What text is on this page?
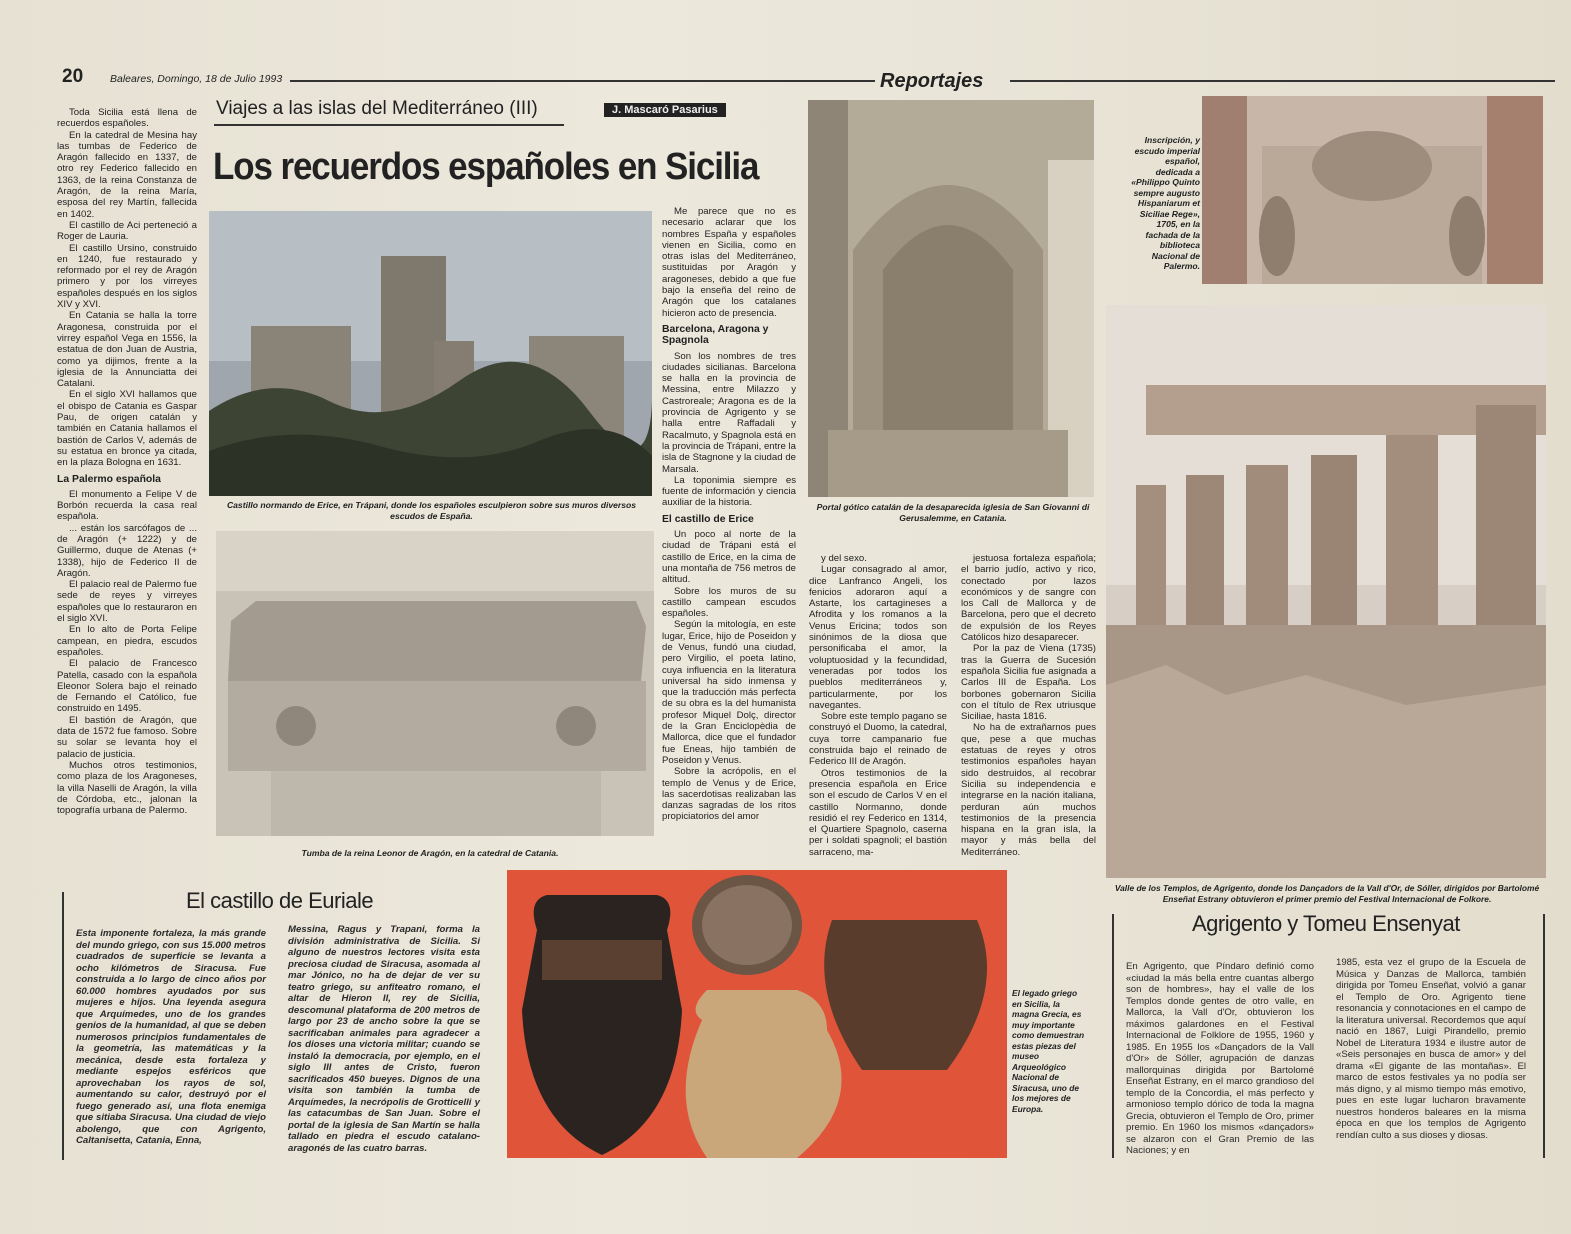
20	Baleares, Domingo, 18 de Julio 1993	Reportajes
Viajes a las islas del Mediterráneo (III)	J. Mascaró Pasarius
Los recuerdos españoles en Sicilia

Toda Sicilia está llena de recuerdos españoles.

En la catedral de Mesina hay las tumbas de Federico de Aragón fallecido en 1337, de otro rey Federico fallecido en 1363, de la reina Constanza de Aragón, de la reina María, esposa del rey Martín, fallecida en 1402.

El castillo de Aci perteneció a Roger de Lauria.

El castillo Ursino, construido en 1240, fue restaurado y reformado por el rey de Aragón primero y por los virreyes españoles después en los siglos XIV y XVI.

En Catania se halla la torre Aragonesa, construida por el virrey español Vega en 1556, la estatua de don Juan de Austria, como ya dijimos, frente a la iglesia de la Annunciatta dei Catalani.

En el siglo XVI hallamos que el obispo de Catania es Gaspar Pau, de origen catalán y también en Catania hallamos el bastión de Carlos V, además de su estatua en bronce ya citada, en la plaza Bologna en 1631.

La Palermo española

El monumento a Felipe V de Borbón recuerda la casa real española.

... están los sarcófagos de ... de Aragón (+ 1222) y de Guillermo, duque de Atenas (+ 1338), hijo de Federico II de Aragón.

El palacio real de Palermo fue sede de reyes y virreyes españoles que lo restauraron en el siglo XVI.

En lo alto de Porta Felipe campean, en piedra, escudos españoles.

El palacio de Francesco Patella, casado con la española Eleonor Solera bajo el reinado de Fernando el Católico, fue construido en 1495.

El bastión de Aragón, que data de 1572 fue famoso. Sobre su solar se levanta hoy el palacio de justicia.

Muchos otros testimonios, como plaza de los Aragoneses, la villa Naselli de Aragón, la villa de Córdoba, etc., jalonan la topografía urbana de Palermo.

Castillo normando de Erice, en Trápani, donde los españoles esculpieron sobre sus muros diversos escudos de España.

Me parece que no es necesario aclarar que los nombres España y españoles vienen en Sicilia, como en otras islas del Mediterráneo, sustituidas por Aragón y aragoneses, debido a que fue bajo la enseña del reino de Aragón que los catalanes hicieron acto de presencia.

Barcelona, Aragona y Spagnola

Son los nombres de tres ciudades sicilianas. Barcelona se halla en la provincia de Messina, entre Milazzo y Castroreale; Aragona es de la provincia de Agrigento y se halla entre Raffadali y Racalmuto, y Spagnola está en la provincia de Trápani, entre la isla de Stagnone y la ciudad de Marsala.

La toponimia siempre es fuente de información y ciencia auxiliar de la historia.

El castillo de Erice

Un poco al norte de la ciudad de Trápani está el castillo de Erice, en la cima de una montaña de 756 metros de altitud.

Sobre los muros de su castillo campean escudos españoles.

Según la mitología, en este lugar, Erice, hijo de Poseidon y de Venus, fundó una ciudad, pero Virgilio, el poeta latino, cuya influencia en la literatura universal ha sido inmensa y que la traducción más perfecta de su obra es la del humanista profesor Miquel Dolç, director de la Gran Enciclopèdia de Mallorca, dice que el fundador fue Eneas, hijo también de Poseidon y Venus.

Sobre la acrópolis, en el templo de Venus y de Erice, las sacerdotisas realizaban las danzas sagradas de los ritos propiciatorios del amor

Portal gótico catalán de la desaparecida iglesia de San Giovanni di Gerusalemme, en Catania.
Inscripción, y escudo imperial español, dedicada a «Philippo Quinto sempre augusto Hispaniarum et Siciliae Rege», 1705, en la fachada de la biblioteca Nacional de Palermo.
Tumba de la reina Leonor de Aragón, en la catedral de Catania.

y del sexo.

Lugar consagrado al amor, dice Lanfranco Angeli, los fenicios adoraron aquí a Astarte, los cartagineses a Afrodita y los romanos a la Venus Ericina; todos son sinónimos de la diosa que personificaba el amor, la voluptuosidad y la fecundidad, veneradas por todos los pueblos mediterráneos y, particularmente, por los navegantes.

Sobre este templo pagano se construyó el Duomo, la catedral, cuya torre campanario fue construida bajo el reinado de Federico III de Aragón.

Otros testimonios de la presencia española en Erice son el escudo de Carlos V en el castillo Normanno, donde residió el rey Federico en 1314, el Quartiere Spagnolo, caserna per i soldati spagnoli; el bastión sarraceno, ma-

jestuosa fortaleza española; el barrio judío, activo y rico, conectado por lazos económicos y de sangre con los Call de Mallorca y de Barcelona, pero que el decreto de expulsión de los Reyes Católicos hizo desaparecer.

Por la paz de Viena (1735) tras la Guerra de Sucesión española Sicilia fue asignada a Carlos III de España. Los borbones gobernaron Sicilia con el título de Rex utriusque Siciliae, hasta 1816.

No ha de extrañarnos pues que, pese a que muchas estatuas de reyes y otros testimonios españoles hayan sido destruidos, al recobrar Sicilia su independencia e integrarse en la nación italiana, perduran aún muchos testimonios de la presencia hispana en la gran isla, la mayor y más bella del Mediterráneo.

Valle de los Templos, de Agrigento, donde los Dançadors de la Vall d'Or, de Sóller, dirigidos por Bartolomé Enseñat Estrany obtuvieron el primer premio del Festival Internacional de Folkore.
El castillo de Euriale

Esta imponente fortaleza, la más grande del mundo griego, con sus 15.000 metros cuadrados de superficie se levanta a ocho kilómetros de Siracusa. Fue construida a lo largo de cinco años por 60.000 hombres ayudados por sus mujeres e hijos. Una leyenda asegura que Arquímedes, uno de los grandes genios de la humanidad, al que se deben numerosos principios fundamentales de la geometría, las matemáticas y la mecánica, desde esta fortaleza y mediante espejos esféricos que aprovechaban los rayos de sol, aumentando su calor, destruyó por el fuego generado así, una flota enemiga que sitiaba Siracusa. Una ciudad de viejo abolengo, que con Agrigento, Caltanisetta, Catania, Enna,

Messina, Ragus y Trapani, forma la división administrativa de Sicilia. Si alguno de nuestros lectores visita esta preciosa ciudad de Siracusa, asomada al mar Jónico, no ha de dejar de ver su teatro griego, su anfiteatro romano, el altar de Hieron II, rey de Sicilia, descomunal plataforma de 200 metros de largo por 23 de ancho sobre la que se sacrificaban animales para agradecer a los dioses una victoria militar; cuando se instaló la democracia, por ejemplo, en el siglo III antes de Cristo, fueron sacrificados 450 bueyes. Dignos de una visita son también la tumba de Arquímedes, la necrópolis de Grotticelli y las catacumbas de San Juan. Sobre el portal de la iglesia de San Martín se halla tallado en piedra el escudo catalano-aragonés de las cuatro barras.

El legado griego en Sicilia, la magna Grecia, es muy importante como demuestran estas piezas del museo Arqueológico Nacional de Siracusa, uno de los mejores de Europa.
Agrigento y Tomeu Ensenyat

En Agrigento, que Píndaro definió como «ciudad la más bella entre cuantas albergo son de hombres», hay el valle de los Templos donde gentes de otro valle, en Mallorca, la Vall d'Or, obtuvieron los máximos galardones en el Festival Internacional de Folklore de 1955, 1960 y 1985. En 1955 los «Dançadors de la Vall d'Or» de Sóller, agrupación de danzas mallorquinas dirigida por Bartolomé Enseñat Estrany, en el marco grandioso del templo de la Concordia, el más perfecto y armonioso templo dórico de toda la magna Grecia, obtuvieron el Templo de Oro, primer premio. En 1960 los mismos «dançadors» se alzaron con el Gran Premio de las Naciones; y en

1985, esta vez el grupo de la Escuela de Música y Danzas de Mallorca, también dirigida por Tomeu Enseñat, volvió a ganar el Templo de Oro. Agrigento tiene resonancia y connotaciones en el campo de la literatura universal. Recordemos que aquí nació en 1867, Luigi Pirandello, premio Nobel de Literatura 1934 e ilustre autor de «Seis personajes en busca de amor» y del drama «El gigante de las montañas». El marco de estos festivales ya no podía ser más digno, y al mismo tiempo más emotivo, pues en este lugar lucharon bravamente nuestros honderos baleares en la misma época en que los templos de Agrigento rendían culto a sus dioses y diosas.
